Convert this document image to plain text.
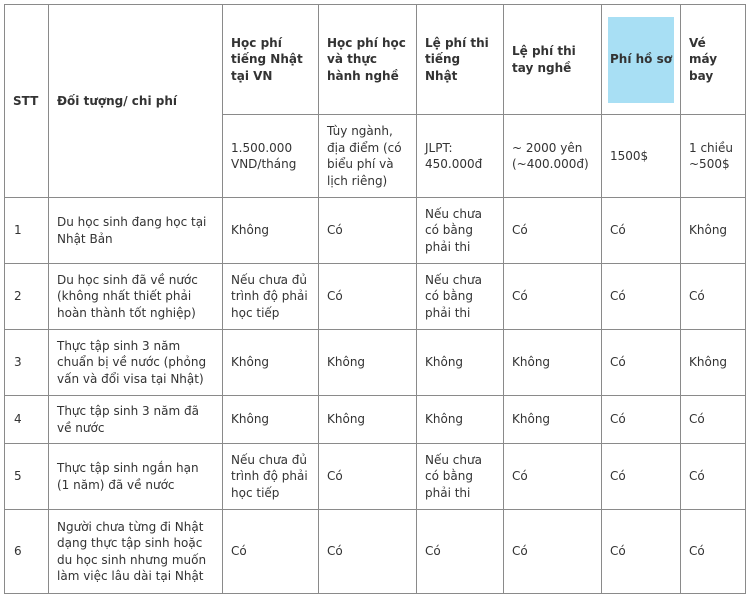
STT	Đối tượng/ chi phí	Học phí tiếng Nhật tại VN	Học phí học và thực hành nghề	Lệ phí thi tiếng Nhật	Lệ phí thi tay nghề	Phí hồ sơ	Vé máy bay
		1.500.000 VND/tháng	Tùy ngành, địa điểm (có biểu phí và lịch riêng)	JLPT: 450.000đ	~ 2000 yên (~400.000đ)	1500$	1 chiều ~500$
1	Du học sinh đang học tại Nhật Bản	Không	Có	Nếu chưa có bằng phải thi	Có	Có	Không
2	Du học sinh đã về nước (không nhất thiết phải hoàn thành tốt nghiệp)	Nếu chưa đủ trình độ phải học tiếp	Có	Nếu chưa có bằng phải thi	Có	Có	Có
3	Thực tập sinh 3 năm chuẩn bị về nước (phỏng vấn và đổi visa tại Nhật)	Không	Không	Không	Không	Có	Không
4	Thực tập sinh 3 năm đã về nước	Không	Không	Không	Không	Có	Có
5	Thực tập sinh ngắn hạn (1 năm) đã về nước	Nếu chưa đủ trình độ phải học tiếp	Có	Nếu chưa có bằng phải thi	Có	Có	Có
6	Người chưa từng đi Nhật dạng thực tập sinh hoặc du học sinh nhưng muốn làm việc lâu dài tại Nhật	Có	Có	Có	Có	Có	Có
